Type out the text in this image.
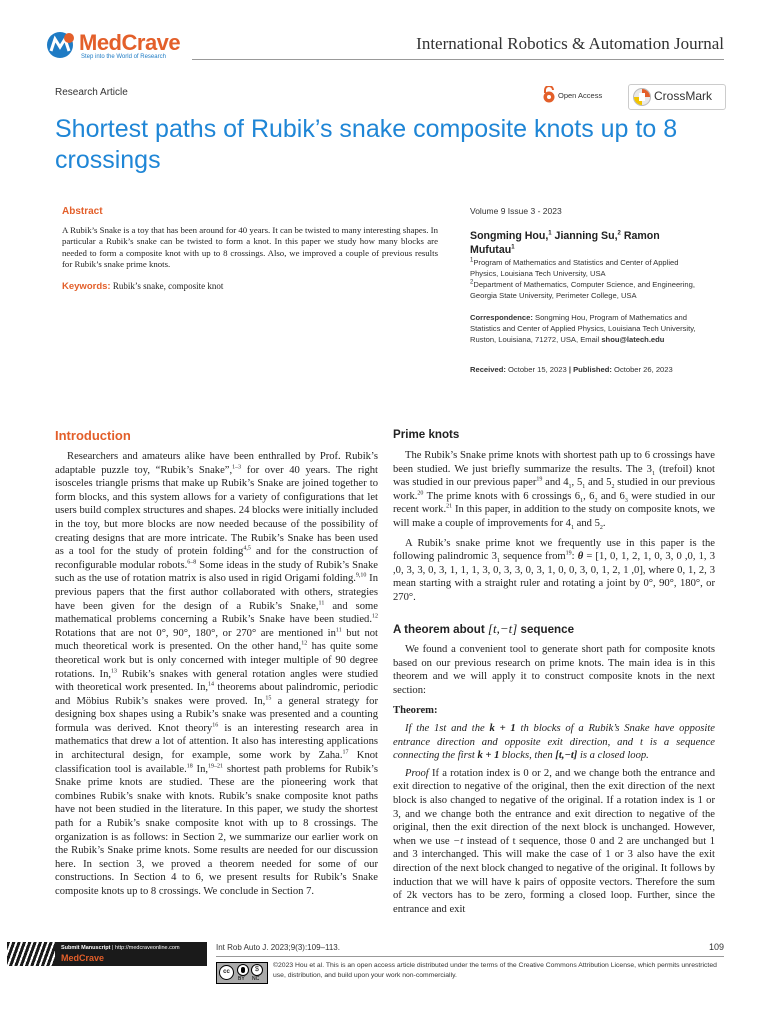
MedCrave
Step into the World of Research
International Robotics & Automation Journal
Research Article	Open Access	CrossMark
Shortest paths of Rubik’s snake composite knots up to 8 crossings
Abstract
A Rubik’s Snake is a toy that has been around for 40 years. It can be twisted to many interesting shapes. In particular a Rubik’s snake can be twisted to form a knot. In this paper we study how many blocks are needed to form a composite knot with up to 8 crossings. Also, we improved a couple of previous results for Rubik’s snake prime knots.
Keywords: Rubik’s snake, composite knot
Volume 9 Issue 3 - 2023
Songming Hou,$^1$ Jianning Su,$^2$ Ramon Mufutau$^1$
$^1$Program of Mathematics and Statistics and Center of Applied Physics, Louisiana Tech University, USA
$^2$Department of Mathematics, Computer Science, and Engineering, Georgia State University, Perimeter College, USA
Correspondence: Songming Hou, Program of Mathematics and Statistics and Center of Applied Physics, Louisiana Tech University, Ruston, Louisiana, 71272, USA, Email shou@latech.edu
Received: October 15, 2023 | Published: October 26, 2023
Introduction

Researchers and amateurs alike have been enthralled by Prof. Rubik’s adaptable puzzle toy, “Rubik’s Snake”,$^{1-3}$ for over 40 years. The right isosceles triangle prisms that make up Rubik’s Snake are joined together to form blocks, and this system allows for a variety of configurations that let users build complex structures and shapes. 24 blocks were initially included in the toy, but more blocks are now needed because of the possibility of creating designs that are more intricate. The Rubik’s Snake has been used as a tool for the study of protein folding$^{4,5}$ and for the construction of reconfigurable modular robots.$^{6-8}$ Some ideas in the study of Rubik’s Snake such as the use of rotation matrix is also used in rigid Origami folding.$^{9,10}$ In previous papers that the first author collaborated with others, strategies have been given for the design of a Rubik’s Snake,$^{11}$ and some mathematical problems concerning a Rubik’s Snake have been studied.$^{12}$ Rotations that are not 0°, 90°, 180°, or 270° are mentioned $in^{11}$ but not much theoretical work is presented. On the other hand,$^{12}$ has quite some theoretical work but is only concerned with integer multiple of 90 degree rotations. In,$^{13}$ Rubik’s snakes with general rotation angles were studied with theoretical work presented. In,$^{14}$ theorems about palindromic, periodic and Möbius Rubik’s snakes were proved. In,$^{15}$ a general strategy for designing box shapes using a Rubik’s snake was presented and a counting formula was derived. Knot theory$^{16}$ is an interesting research area in mathematics that drew a lot of attention. It also has interesting applications in architectural design, for example, some work by Zaha.$^{17}$ Knot classification tool is available.$^{18}$ In,$^{19-21}$ shortest path problems for Rubik’s Snake prime knots are studied. These are the pioneering work that combines Rubik’s snake with knots. Rubik’s snake composite knot paths have not been studied in the literature. In this paper, we study the shortest path for a Rubik’s snake composite knot with up to 8 crossings. The organization is as follows: in Section 2, we summarize our earlier work on the Rubik’s Snake prime knots. Some results are needed for our discussion here. In section 3, we proved a theorem needed for some of our constructions. In Section 4 to 6, we present results for Rubik’s Snake composite knots up to 8 crossings. We conclude in Section 7.

Prime knots

The Rubik’s Snake prime knots with shortest path up to 6 crossings have been studied. We just briefly summarize the results. The $3_1$ (trefoil) knot was studied in our previous paper$^{19}$ and $4_1$, $5_1$ and $5_2$ studied in our previous work.$^{20}$ The prime knots with 6 crossings $6_1$, $6_2$ and $6_3$ were studied in our recent work.$^{21}$ In this paper, in addition to the study on composite knots, we will make a couple of improvements for $4_1$ and $5_2$.

A Rubik’s snake prime knot we frequently use in this paper is the following palindromic $3_1$ sequence from$^{19}$: θ = [1, 0, 1, 2, 1, 0, 3, 0 ,0, 1, 3 ,0, 3, 3, 0, 3, 1, 1, 1, 3, 0, 3, 3, 0, 3, 1, 0, 0, 3, 0, 1, 2, 1 ,0], where 0, 1, 2, 3 mean starting with a straight ruler and rotating a joint by 0°, 90°, 180°, or 270°.

A theorem about [t,−t] sequence

We found a convenient tool to generate short path for composite knots based on our previous research on prime knots. The main idea is in this theorem and we will apply it to construct composite knots in the next section:

Theorem:

If the 1st and the k + 1 th blocks of a Rubik’s Snake have opposite entrance direction and opposite exit direction, and t is a sequence connecting the first k + 1 blocks, then [t,−t] is a closed loop.

Proof If a rotation index is 0 or 2, and we change both the entrance and exit direction to negative of the original, then the exit direction of the next block is also changed to negative of the original. If a rotation index is 1 or 3, and we change both the entrance and exit direction to negative of the original, then the exit direction of the next block is unchanged. However, when we use −t instead of t sequence, those 0 and 2 are unchanged but 1 and 3 interchanged. This will make the case of 1 or 3 also have the exit direction of the next block changed to negative of the original. It follows by induction that we will have k pairs of opposite vectors. Therefore the sum of 2k vectors has to be zero, forming a closed loop. Further, since the entrance and exit

Submit Manuscript | http://medcraveonline.com
MedCrave
Int Rob Auto J. 2023;9(3):109‒113.	109
cc	$
BY NC
©2023 Hou et al. This is an open access article distributed under the terms of the Creative Commons Attribution License, which permits unrestricted use, distribution, and build upon your work non-commercially.
